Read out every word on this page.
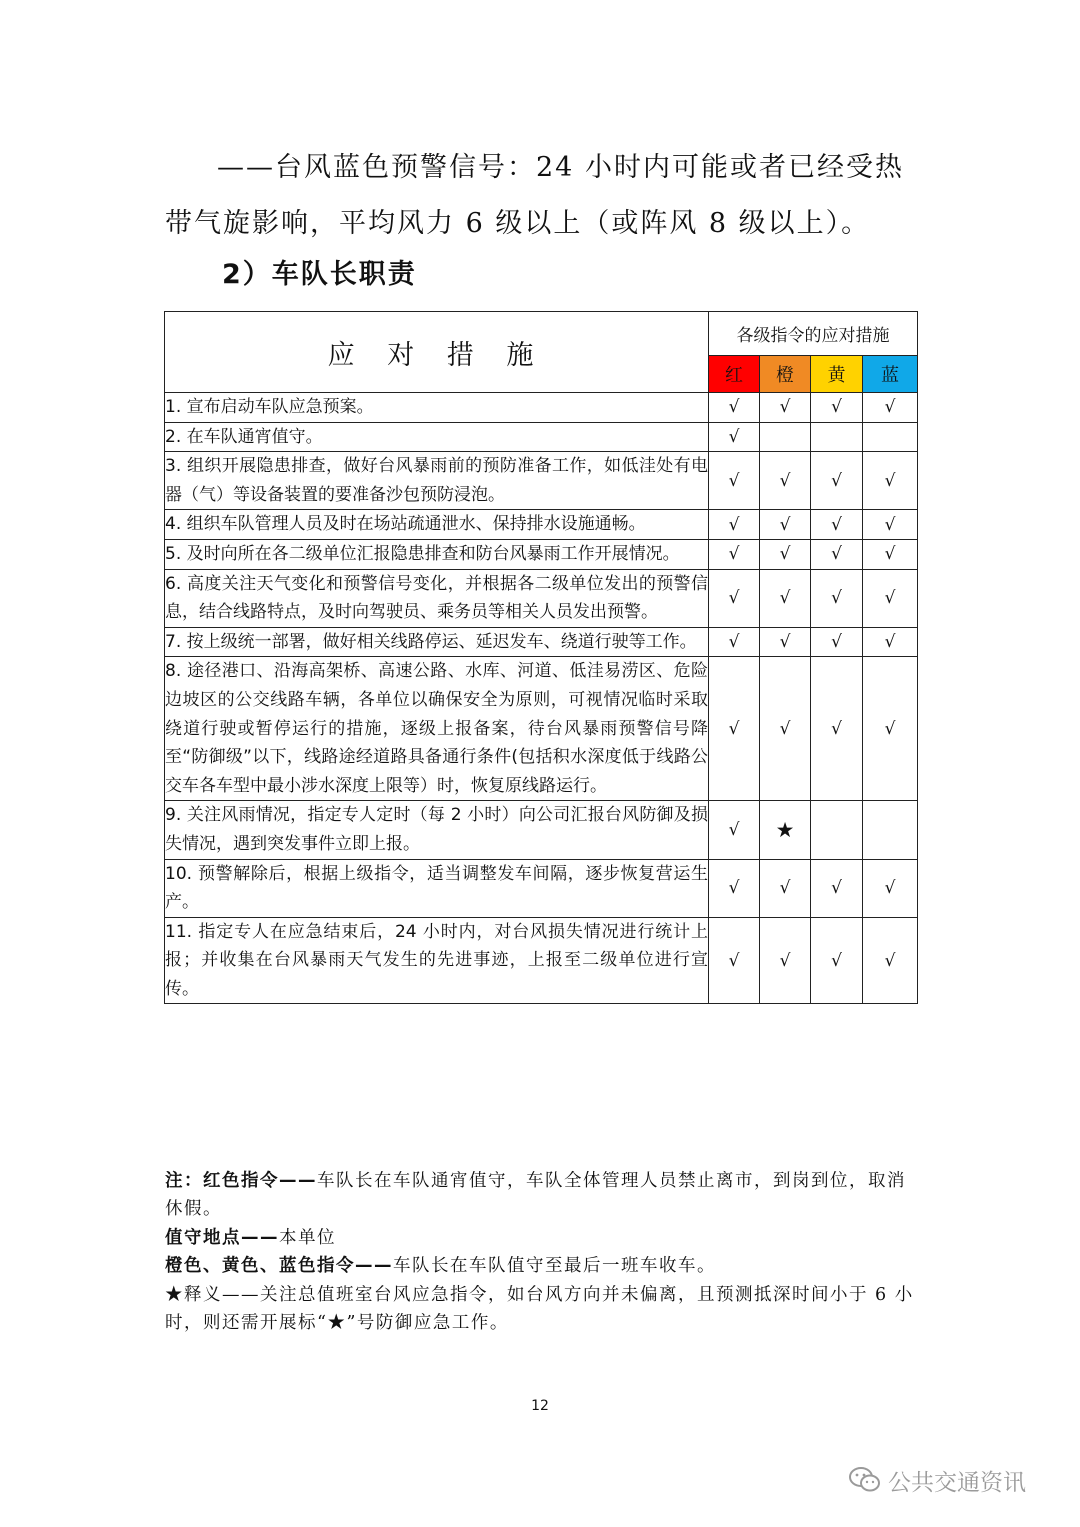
——台风蓝色预警信号：24 小时内可能或者已经受热带气旋影响，平均风力 6 级以上（或阵风 8 级以上）。

2）车队长职责

应 对 措 施	各级指令的应对措施			
	红	橙	黄	蓝
1. 宣布启动车队应急预案。	√	√	√	√
2. 在车队通宵值守。	√			
3. 组织开展隐患排查，做好台风暴雨前的预防准备工作，如低洼处有电器（气）等设备装置的要准备沙包预防浸泡。	√	√	√	√
4. 组织车队管理人员及时在场站疏通泄水、保持排水设施通畅。	√	√	√	√
5. 及时向所在各二级单位汇报隐患排查和防台风暴雨工作开展情况。	√	√	√	√
6. 高度关注天气变化和预警信号变化，并根据各二级单位发出的预警信息，结合线路特点，及时向驾驶员、乘务员等相关人员发出预警。	√	√	√	√
7. 按上级统一部署，做好相关线路停运、延迟发车、绕道行驶等工作。	√	√	√	√
8. 途径港口、沿海高架桥、高速公路、水库、河道、低洼易涝区、危险边坡区的公交线路车辆，各单位以确保安全为原则，可视情况临时采取绕道行驶或暂停运行的措施，逐级上报备案，待台风暴雨预警信号降至“防御级”以下，线路途经道路具备通行条件(包括积水深度低于线路公交车各车型中最小涉水深度上限等）时，恢复原线路运行。	√	√	√	√
9. 关注风雨情况，指定专人定时（每 2 小时）向公司汇报台风防御及损失情况，遇到突发事件立即上报。	√	★		
10. 预警解除后，根据上级指令，适当调整发车间隔，逐步恢复营运生产。	√	√	√	√
11. 指定专人在应急结束后，24 小时内，对台风损失情况进行统计上报；并收集在台风暴雨天气发生的先进事迹，上报至二级单位进行宣传。	√	√	√	√

注：红色指令——车队长在车队通宵值守，车队全体管理人员禁止离市，到岗到位，取消休假。

值守地点——本单位

橙色、黄色、蓝色指令——车队长在车队值守至最后一班车收车。

★释义——关注总值班室台风应急指令，如台风方向并未偏离，且预测抵深时间小于 6 小时，则还需开展标“★”号防御应急工作。

12
公共交通资讯
